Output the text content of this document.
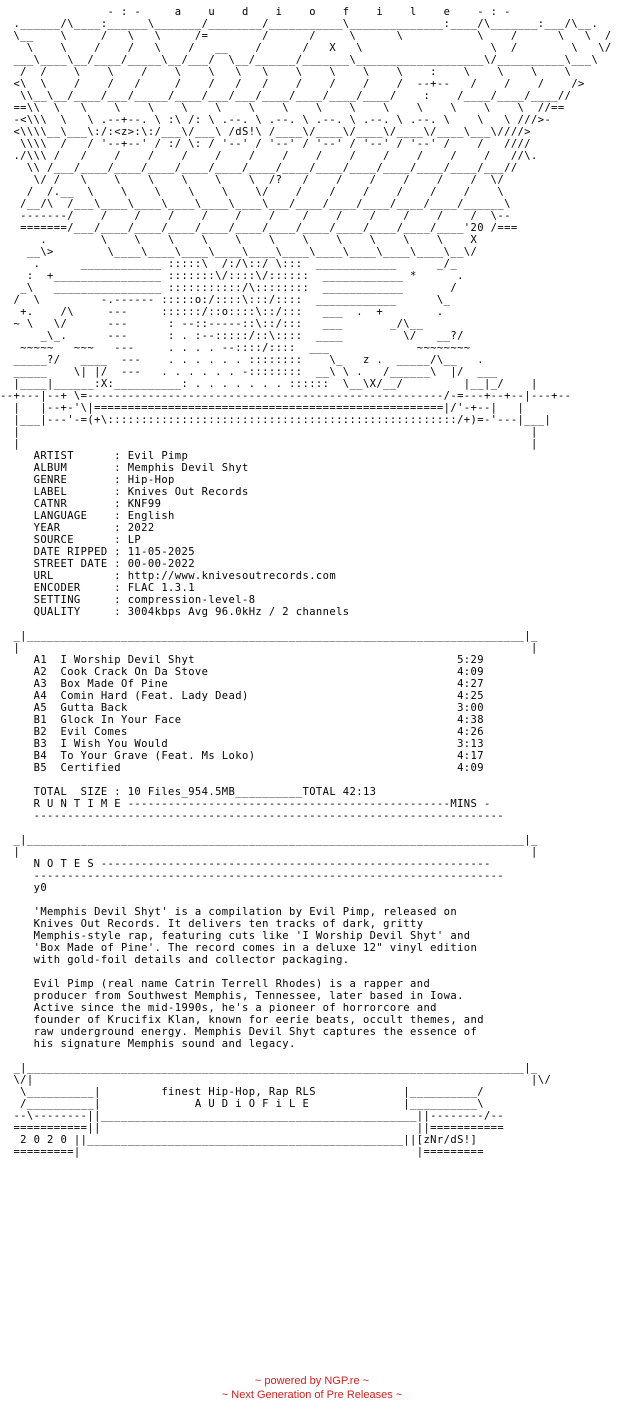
- : -     a    u    d    i    o    f    i    l    e    - : -
.______/\____:______\_______/________/___________\______________:____/\_______:___/\__.
\__    \     /   \   \     /=        /      /     \      \           \    /      \   \  /
\    \    /    /   \    /   __    /      /   X   \                   \  /        \   \/
___\____\__/____/_____\__/___/  \__/______/_______\___________________\/__________\___\
/  /    \    \    /    \    \   \   \    \    \    \    \    :    \    \    \    \
<\  \    /    /   /     /    /   /   /    /    /    /    /  --+--   /    /    /    />
\\__\__/____/___/_____/____/___/___/____/____/____/____/    :    /____/____/____//
==\\  \   \    \    \    \    \    \    \    \    \    \    \    \    \    \  //==
-<\\\  \   \ .--+--. \ :\ /: \ .--. \ .--. \ .--. \ .--. \ .--. \    \   \ ///>-
<\\\\__\___\:/:<z>:\:/___\/___\ /dS!\ /____\/____\/____\/____\/____\___\////>
\\\\  /   / '--+--' / :/ \: / '--' / '--' / '--' / '--' / '--' /    /   ////
./\\\ /   /    /    /    /    /    /    /    /    /    /    /    /    /   //\.
\\ /___/____/____/____/____/____/____/____/____/____/____/____/____/___//
\/ /   \    \    \    \    \    \  /?   /    /    /    /    /    /  \/
/  /.__  \    \    \    \    \    \/    /    /    /    /    /    /    \
/__/\  /___\____\____\____\____\____\___/____/____/____/____/____/______\
-------/    /    /    /    /    /    /    /    /    /    /    /    /  \--
=======/___/____/____/____/____/____/____/____/____/____/____/____'20 /===
.        \    \    \    \    \    \    \    \    \    \    \    X
__\>        \____\____\____\____\____\____\____\____\____\____\__\/
.      ____________ :::::\  /:/\::/ \:::  ____________      _/_
:  +________________ :::::::\/::::\/::::::  ____________ *      .
_\   ________________ :::::::::::/\::::::::  ____________       /
/  \         -.------ :::::o:/::::\:::/::::  ____________      \_
+.    /\     ---     ::::::/::o::::\::/:::   ___  .  +        .
~ \   \/      ---      : --::-----::\::/:::   ___       _/\__
_\_.      ---      : . :--:::::/::\::::  ____         \/   __?/
~~~~~   ~~~   ---     . . . . --::::/::::  ___             ~~~~~~~~
_____?/   ____  ---    . . . . . . ::::::::    \_   z .  _____/\__   .
_____    \| |/  ---   . . . . . . -::::::::  __\ \ .   /______\  |/  ___
|____|______:X:__________: . . . . . . . ::::::  \__\X/__/         |__|_/    |
--+---|--+ \=-----------------------------------------------------/-=---+--+--|---+--
|   |--+-'\|====================================================|/'-+--|   |
|___|---'-=(+\::::::::::::::::::::::::::::::::::::::::::::::::::::/+)=-'---|___|
|                                                                            |
|                                                                            |
ARTIST      : Evil Pimp
ALBUM       : Memphis Devil Shyt
GENRE       : Hip-Hop
LABEL       : Knives Out Records
CATNR       : KNF99
LANGUAGE    : English
YEAR        : 2022
SOURCE      : LP
DATE RIPPED : 11-05-2025
STREET DATE : 00-00-2022
URL         : http://www.knivesoutrecords.com
ENCODER     : FLAC 1.3.1
SETTING     : compression-level-8
QUALITY     : 3004kbps Avg 96.0kHz / 2 channels

_|__________________________________________________________________________|_
|                                                                            |
A1  I Worship Devil Shyt                                       5:29
A2  Cook Crack On Da Stove                                     4:09
A3  Box Made Of Pine                                           4:27
A4  Comin Hard (Feat. Lady Dead)                               4:25
A5  Gutta Back                                                 3:00
B1  Glock In Your Face                                         4:38
B2  Evil Comes                                                 4:26
B3  I Wish You Would                                           3:13
B4  To Your Grave (Feat. Ms Loko)                              4:17
B5  Certified                                                  4:09

TOTAL  SIZE : 10 Files_954.5MB__________TOTAL 42:13
R U N T I M E ------------------------------------------------MINS -
----------------------------------------------------------------------

_|__________________________________________________________________________|_
|                                                                            |
N O T E S ----------------------------------------------------------
----------------------------------------------------------------------
y0

'Memphis Devil Shyt' is a compilation by Evil Pimp, released on
Knives Out Records. It delivers ten tracks of dark, gritty
Memphis-style rap, featuring cuts like 'I Worship Devil Shyt' and
'Box Made of Pine'. The record comes in a deluxe 12" vinyl edition
with gold-foil details and collector packaging.

Evil Pimp (real name Catrin Terrell Rhodes) is a rapper and
producer from Southwest Memphis, Tennessee, later based in Iowa.
Active since the mid-1990s, he's a pioneer of horrorcore and
founder of Krucifix Klan, known for eerie beats, occult themes, and
raw underground energy. Memphis Devil Shyt captures the essence of
his signature Memphis sound and legacy.

_|__________________________________________________________________________|_
\/|                                                                          |\/
\__________|         finest Hip-Hop, Rap RLS             |__________/
/__________|              A U D i O F i L E              |__________\
--\--------||_______________________________________________||--------/--
===========||                                               ||===========
2 0 2 0 ||_______________________________________________||[zNr/dS!]
=========|                                                  |=========
~ powered by NGP.re ~
~ Next Generation of Pre Releases ~
